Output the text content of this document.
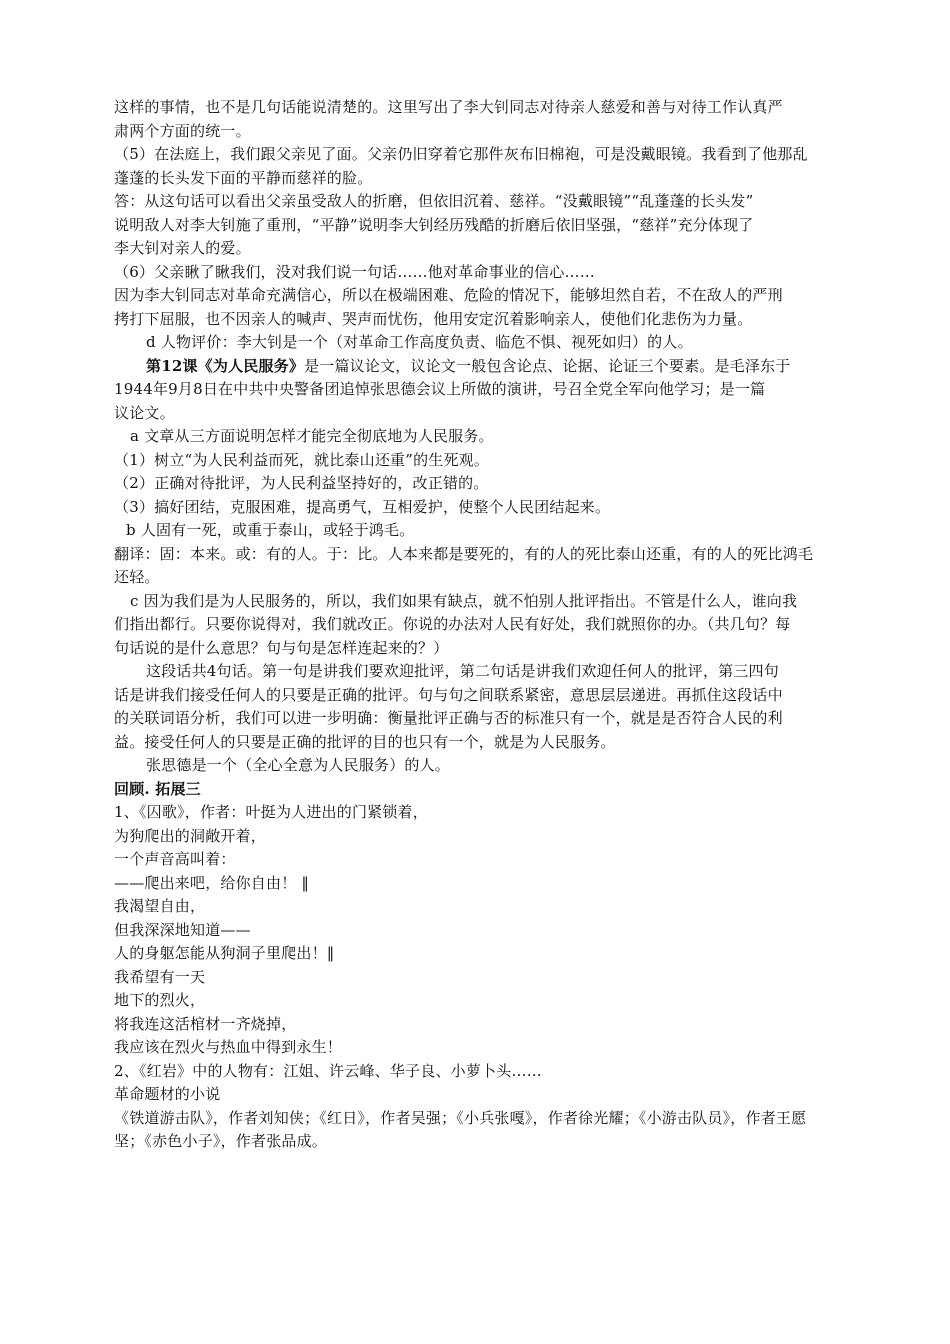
这样的事情，也不是几句话能说清楚的。这里写出了李大钊同志对待亲人慈爱和善与对待工作认真严
肃两个方面的统一。
（5）在法庭上，我们跟父亲见了面。父亲仍旧穿着它那件灰布旧棉袍，可是没戴眼镜。我看到了他那乱
蓬蓬的长头发下面的平静而慈祥的脸。
答：从这句话可以看出父亲虽受敌人的折磨，但依旧沉着、慈祥。“没戴眼镜”“乱蓬蓬的长头发”
说明敌人对李大钊施了重刑，“平静”说明李大钊经历残酷的折磨后依旧坚强，“慈祥”充分体现了
李大钊对亲人的爱。
（6）父亲瞅了瞅我们，没对我们说一句话……他对革命事业的信心……
因为李大钊同志对革命充满信心，所以在极端困难、危险的情况下，能够坦然自若，不在敌人的严刑
拷打下屈服，也不因亲人的喊声、哭声而忧伤，他用安定沉着影响亲人，使他们化悲伤为力量。
d 人物评价：李大钊是一个（对革命工作高度负责、临危不惧、视死如归）的人。
第12课《为人民服务》是一篇议论文，议论文一般包含论点、论据、论证三个要素。是毛泽东于
1944年9月8日在中共中央警备团追悼张思德会议上所做的演讲，号召全党全军向他学习；是一篇
议论文。
a 文章从三方面说明怎样才能完全彻底地为人民服务。
（1）树立“为人民利益而死，就比泰山还重”的生死观。
（2）正确对待批评，为人民利益坚持好的，改正错的。
（3）搞好团结，克服困难，提高勇气，互相爱护，使整个人民团结起来。
b 人固有一死，或重于泰山，或轻于鸿毛。
翻译：固：本来。或：有的人。于：比。人本来都是要死的，有的人的死比泰山还重，有的人的死比鸿毛
还轻。
c 因为我们是为人民服务的，所以，我们如果有缺点，就不怕别人批评指出。不管是什么人，谁向我
们指出都行。只要你说得对，我们就改正。你说的办法对人民有好处，我们就照你的办。（共几句？每
句话说的是什么意思？句与句是怎样连起来的？）
这段话共4句话。第一句是讲我们要欢迎批评，第二句话是讲我们欢迎任何人的批评，第三四句
话是讲我们接受任何人的只要是正确的批评。句与句之间联系紧密，意思层层递进。再抓住这段话中
的关联词语分析，我们可以进一步明确：衡量批评正确与否的标准只有一个，就是是否符合人民的利
益。接受任何人的只要是正确的批评的目的也只有一个，就是为人民服务。
张思德是一个（全心全意为人民服务）的人。
回顾. 拓展三
1、《囚歌》，作者：叶挺为人进出的门紧锁着，
为狗爬出的洞敞开着，
一个声音高叫着：
——爬出来吧，给你自由！ ‖
我渴望自由，
但我深深地知道——
人的身躯怎能从狗洞子里爬出！‖
我希望有一天
地下的烈火，
将我连这活棺材一齐烧掉，
我应该在烈火与热血中得到永生！
2、《红岩》中的人物有：江姐、许云峰、华子良、小萝卜头……
革命题材的小说
《铁道游击队》，作者刘知侠；《红日》，作者吴强；《小兵张嘎》，作者徐光耀；《小游击队员》，作者王愿
坚；《赤色小子》，作者张品成。
